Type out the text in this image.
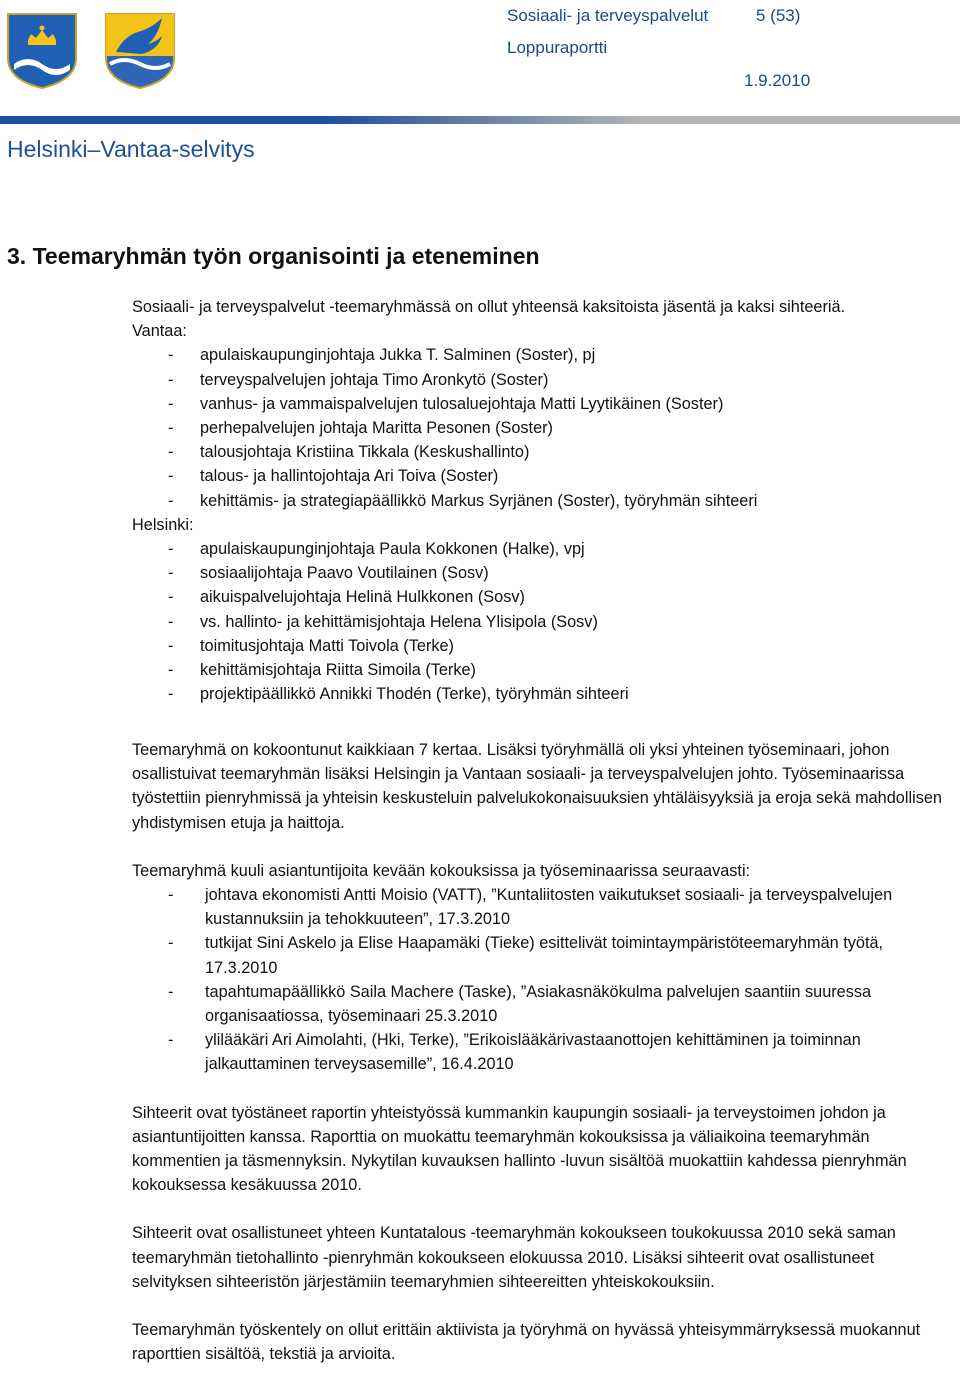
Sosiaali- ja terveyspalvelut	5 (53)
Loppuraportti
1.9.2010
Helsinki–Vantaa-selvitys
3. Teemaryhmän työn organisointi ja eteneminen

Sosiaali- ja terveyspalvelut -teemaryhmässä on ollut yhteensä kaksitoista jäsentä ja kaksi sihteeriä.

Vantaa:

- apulaiskaupunginjohtaja Jukka T. Salminen (Soster), pj
- terveyspalvelujen johtaja Timo Aronkytö (Soster)
- vanhus- ja vammaispalvelujen tulosaluejohtaja Matti Lyytikäinen (Soster)
- perhepalvelujen johtaja Maritta Pesonen (Soster)
- talousjohtaja Kristiina Tikkala (Keskushallinto)
- talous- ja hallintojohtaja Ari Toiva (Soster)
- kehittämis- ja strategiapäällikkö Markus Syrjänen (Soster), työryhmän sihteeri

Helsinki:

- apulaiskaupunginjohtaja Paula Kokkonen (Halke), vpj
- sosiaalijohtaja Paavo Voutilainen (Sosv)
- aikuispalvelujohtaja Helinä Hulkkonen (Sosv)
- vs. hallinto- ja kehittämisjohtaja Helena Ylisipola (Sosv)
- toimitusjohtaja Matti Toivola (Terke)
- kehittämisjohtaja Riitta Simoila (Terke)
- projektipäällikkö Annikki Thodén (Terke), työryhmän sihteeri

Teemaryhmä on kokoontunut kaikkiaan 7 kertaa. Lisäksi työryhmällä oli yksi yhteinen työseminaari, johon osallistuivat teemaryhmän lisäksi Helsingin ja Vantaan sosiaali- ja terveyspalvelujen johto. Työseminaarissa työstettiin pienryhmissä ja yhteisin keskusteluin palvelukokonaisuuksien yhtäläisyyksiä ja eroja sekä mahdollisen yhdistymisen etuja ja haittoja.

Teemaryhmä kuuli asiantuntijoita kevään kokouksissa ja työseminaarissa seuraavasti:

- johtava ekonomisti Antti Moisio (VATT), ”Kuntaliitosten vaikutukset sosiaali- ja terveyspalvelujen kustannuksiin ja tehokkuuteen”, 17.3.2010
- tutkijat Sini Askelo ja Elise Haapamäki (Tieke) esittelivät toimintaympäristöteemaryhmän työtä, 17.3.2010
- tapahtumapäällikkö Saila Machere (Taske), ”Asiakasnäkökulma palvelujen saantiin suuressa organisaatiossa, työseminaari 25.3.2010
- ylilääkäri Ari Aimolahti, (Hki, Terke), ”Erikoislääkärivastaanottojen kehittäminen ja toiminnan jalkauttaminen terveysasemille”, 16.4.2010

Sihteerit ovat työstäneet raportin yhteistyössä kummankin kaupungin sosiaali- ja terveystoimen johdon ja asiantuntijoitten kanssa. Raporttia on muokattu teemaryhmän kokouksissa ja väliaikoina teemaryhmän kommentien ja täsmennyksin. Nykytilan kuvauksen hallinto -luvun sisältöä muokattiin kahdessa pienryhmän kokouksessa kesäkuussa 2010.

Sihteerit ovat osallistuneet yhteen Kuntatalous -teemaryhmän kokoukseen toukokuussa 2010 sekä saman teemaryhmän tietohallinto -pienryhmän kokoukseen elokuussa 2010. Lisäksi sihteerit ovat osallistuneet selvityksen sihteeristön järjestämiin teemaryhmien sihteereitten yhteiskokouksiin.

Teemaryhmän työskentely on ollut erittäin aktiivista ja työryhmä on hyvässä yhteisymmärryksessä muokannut raporttien sisältöä, tekstiä ja arvioita.
